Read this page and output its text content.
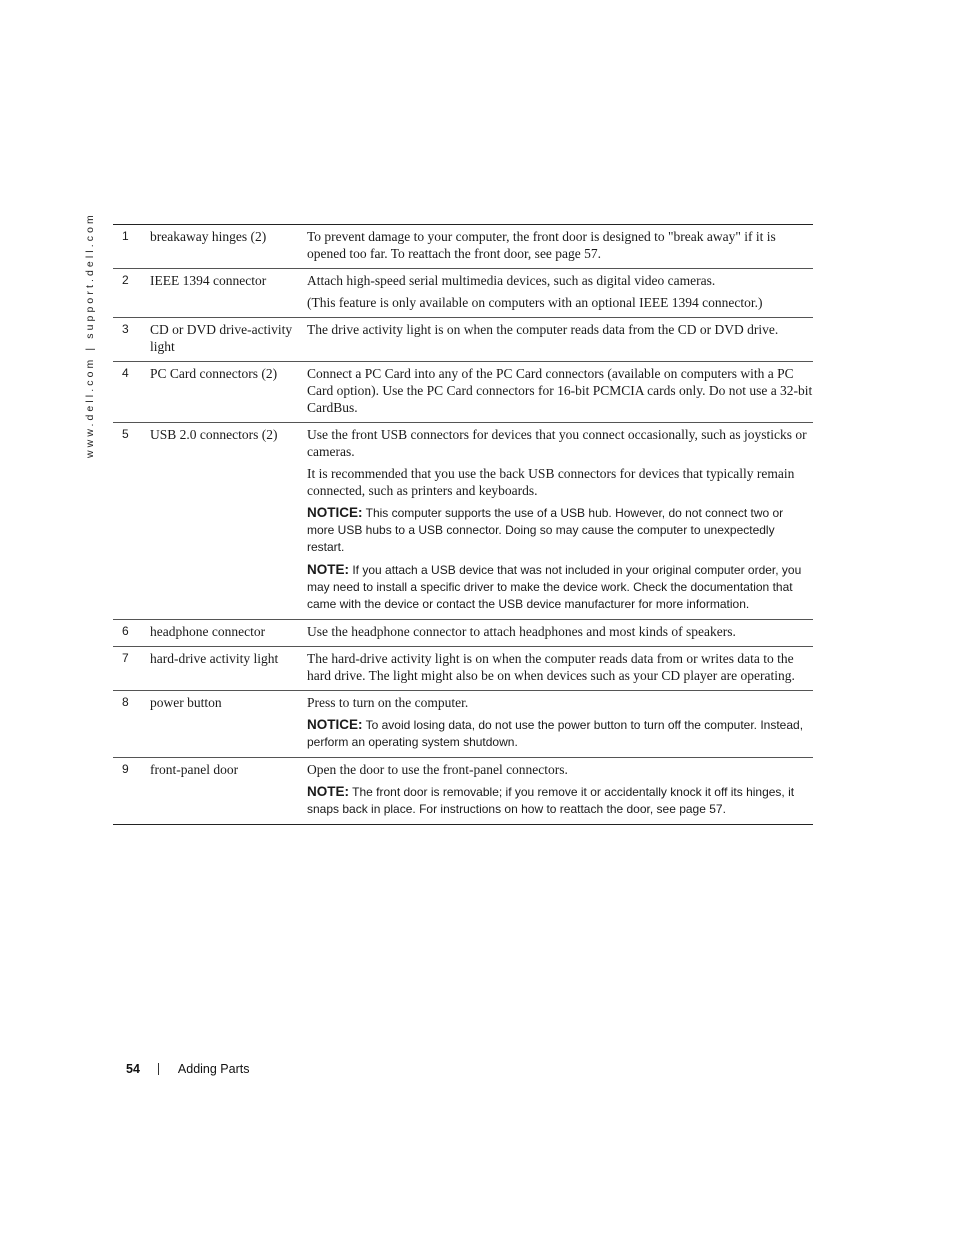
www.dell.com | support.dell.com 1	breakaway hinges (2)	To prevent damage to your computer, the front door is designed to "break away" if it is opened too far. To reattach the front door, see page 57.

2	IEEE 1394 connector	Attach high-speed serial multimedia devices, such as digital video cameras.
(This feature is only available on computers with an optional IEEE 1394 connector.)

3	CD or DVD drive-activity light	The drive activity light is on when the computer reads data from the CD or DVD drive.

4	PC Card connectors (2)	Connect a PC Card into any of the PC Card connectors (available on computers with a PC Card option). Use the PC Card connectors for 16-bit PCMCIA cards only. Do not use a 32-bit CardBus.

5	USB 2.0 connectors (2)	Use the front USB connectors for devices that you connect occasionally, such as joysticks or cameras.
It is recommended that you use the back USB connectors for devices that typically remain connected, such as printers and keyboards.
NOTICE: This computer supports the use of a USB hub. However, do not connect two or more USB hubs to a USB connector. Doing so may cause the computer to unexpectedly restart.
NOTE: If you attach a USB device that was not included in your original computer order, you may need to install a specific driver to make the device work. Check the documentation that came with the device or contact the USB device manufacturer for more information.

6	headphone connector	Use the headphone connector to attach headphones and most kinds of speakers.

7	hard-drive activity light	The hard-drive activity light is on when the computer reads data from or writes data to the hard drive. The light might also be on when devices such as your CD player are operating.

8	power button	Press to turn on the computer.
NOTICE: To avoid losing data, do not use the power button to turn off the computer. Instead, perform an operating system shutdown.

9	front-panel door	Open the door to use the front-panel connectors.
NOTE: The front door is removable; if you remove it or accidentally knock it off its hinges, it snaps back in place. For instructions on how to reattach the door, see page 57.
54	Adding Parts
